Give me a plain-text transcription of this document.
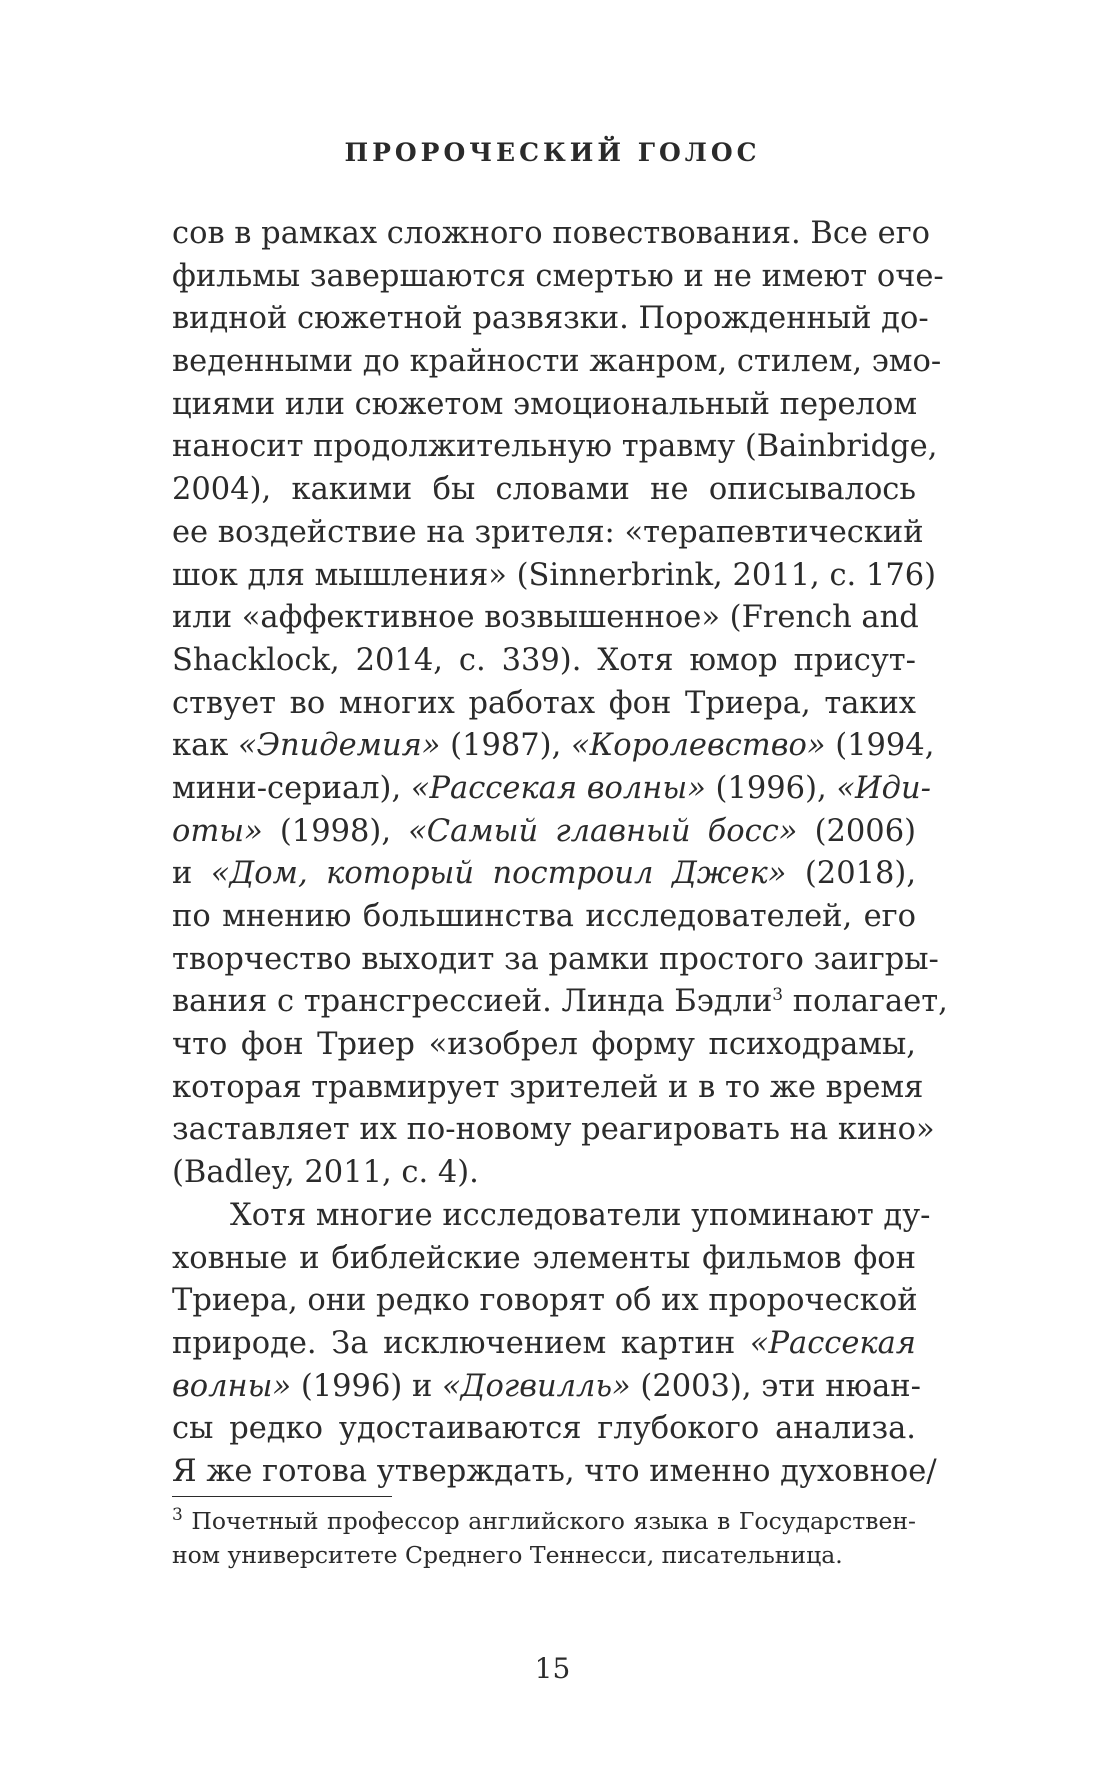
ПРОРОЧЕСКИЙ ГОЛОС
сов в рамках сложного повествования. Все его
фильмы завершаются смертью и не имеют оче-
видной сюжетной развязки. Порожденный до-
веденными до крайности жанром, стилем, эмо-
циями или сюжетом эмоциональный перелом
наносит продолжительную травму (Bainbridge,
2004), какими бы словами не описывалось
ее воздействие на зрителя: «терапевтический
шок для мышления» (Sinnerbrink, 2011, с. 176)
или «аффективное возвышенное» (French and
Shacklock, 2014, с. 339). Хотя юмор присут-
ствует во многих работах фон Триера, таких
как «Эпидемия» (1987), «Королевство» (1994,
мини-сериал), «Рассекая волны» (1996), «Иди-
оты» (1998), «Самый главный босс» (2006)
и «Дом, который построил Джек» (2018),
по мнению большинства исследователей, его
творчество выходит за рамки простого заигры-
вания с трансгрессией. Линда Бэдли$^3$ полагает,
что фон Триер «изобрел форму психодрамы,
которая травмирует зрителей и в то же время
заставляет их по-новому реагировать на кино»
(Badley, 2011, с. 4).
Хотя многие исследователи упоминают ду-
ховные и библейские элементы фильмов фон
Триера, они редко говорят об их пророческой
природе. За исключением картин «Рассекая
волны» (1996) и «Догвилль» (2003), эти нюан-
сы редко удостаиваются глубокого анализа.
Я же готова утверждать, что именно духовное/
$^3$ Почетный профессор английского языка в Государствен-
ном университете Среднего Теннесси, писательница.
15
